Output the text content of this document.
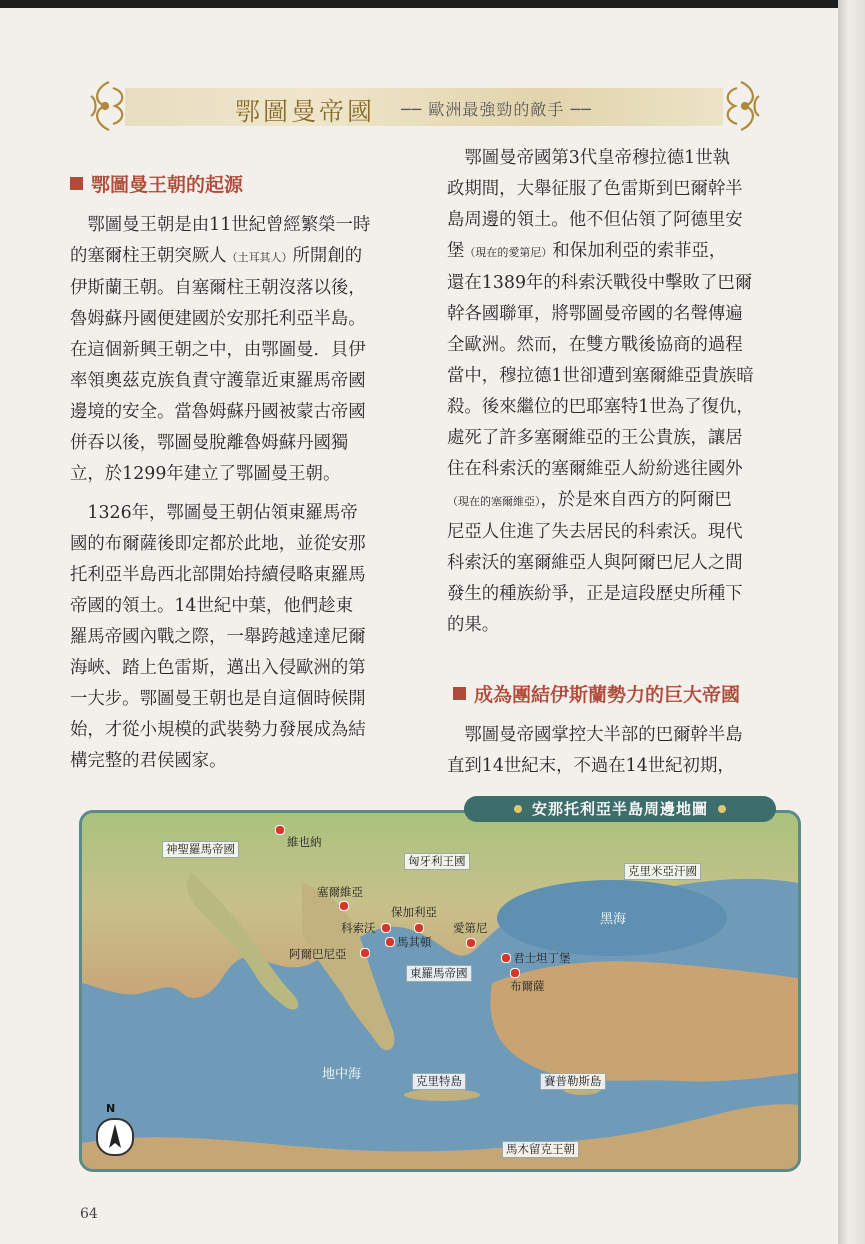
鄂圖曼帝國 ── 歐洲最強勁的敵手 ──
鄂圖曼王朝的起源

　鄂圖曼王朝是由11世紀曾經繁榮一時
的塞爾柱王朝突厥人（土耳其人）所開創的
伊斯蘭王朝。自塞爾柱王朝沒落以後，
魯姆蘇丹國便建國於安那托利亞半島。
在這個新興王朝之中，由鄂圖曼．貝伊
率領奧茲克族負責守護靠近東羅馬帝國
邊境的安全。當魯姆蘇丹國被蒙古帝國
併吞以後，鄂圖曼脫離魯姆蘇丹國獨
立，於1299年建立了鄂圖曼王朝。

　1326年，鄂圖曼王朝佔領東羅馬帝
國的布爾薩後即定都於此地，並從安那
托利亞半島西北部開始持續侵略東羅馬
帝國的領土。14世紀中葉，他們趁東
羅馬帝國內戰之際，一舉跨越達達尼爾
海峽、踏上色雷斯，邁出入侵歐洲的第
一大步。鄂圖曼王朝也是自這個時候開
始，才從小規模的武裝勢力發展成為結
構完整的君侯國家。

　鄂圖曼帝國第3代皇帝穆拉德1世執
政期間，大舉征服了色雷斯到巴爾幹半
島周邊的領土。他不但佔領了阿德里安
堡（現在的愛第尼）和保加利亞的索菲亞，
還在1389年的科索沃戰役中擊敗了巴爾
幹各國聯軍，將鄂圖曼帝國的名聲傳遍
全歐洲。然而，在雙方戰後協商的過程
當中，穆拉德1世卻遭到塞爾維亞貴族暗
殺。後來繼位的巴耶塞特1世為了復仇，
處死了許多塞爾維亞的王公貴族，讓居
住在科索沃的塞爾維亞人紛紛逃往國外
（現在的塞爾維亞），於是來自西方的阿爾巴
尼亞人住進了失去居民的科索沃。現代
科索沃的塞爾維亞人與阿爾巴尼人之間
發生的種族紛爭，正是這段歷史所種下
的果。

成為團結伊斯蘭勢力的巨大帝國

　鄂圖曼帝國掌控大半部的巴爾幹半島
直到14世紀末，不過在14世紀初期，

神聖羅馬帝國	維也納
匈牙利王國
克里米亞汗國
塞爾維亞
保加利亞
科索沃	愛第尼
馬其頓
阿爾巴尼亞	君士坦丁堡
布爾薩
東羅馬帝國
黑海
地中海	克里特島	賽普勒斯島
馬木留克王朝
安那托利亞半島周邊地圖
N
64
